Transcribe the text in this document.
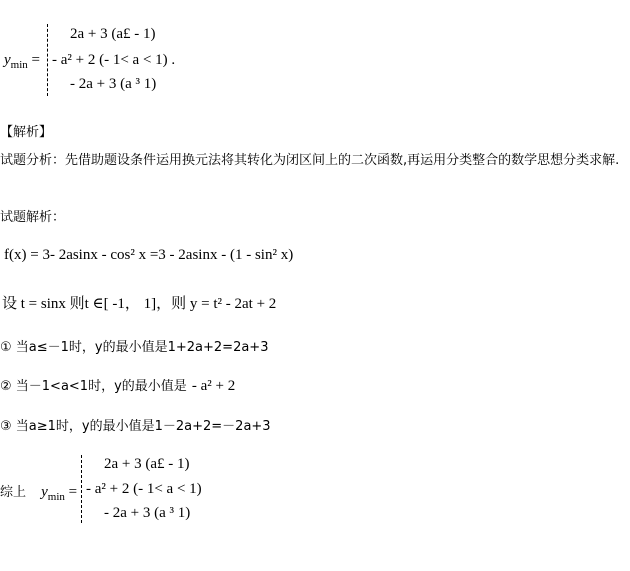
$y_{min}$ =
2a + 3 (a£ - 1)
- a² + 2 (- 1< a < 1) .
- 2a + 3 (a ³ 1)
【解析】
试题分析：先借助题设条件运用换元法将其转化为闭区间上的二次函数,再运用分类整合的数学思想分类求解.
试题解析：
f(x) = 3- 2asinx - cos² x =3 - 2asinx - (1 - sin² x)
设 t = sinx 则t ∈[ -1， 1]，则 y = t² - 2at + 2
① 当a≤－1时，y的最小值是1+2a+2=2a+3
② 当－1<a<1时，y的最小值是 - a² + 2
③ 当a≥1时，y的最小值是1－2a+2=－2a+3
综上 $y_{min}$ =
2a + 3 (a£ - 1)
- a² + 2 (- 1< a < 1)
- 2a + 3 (a ³ 1)
